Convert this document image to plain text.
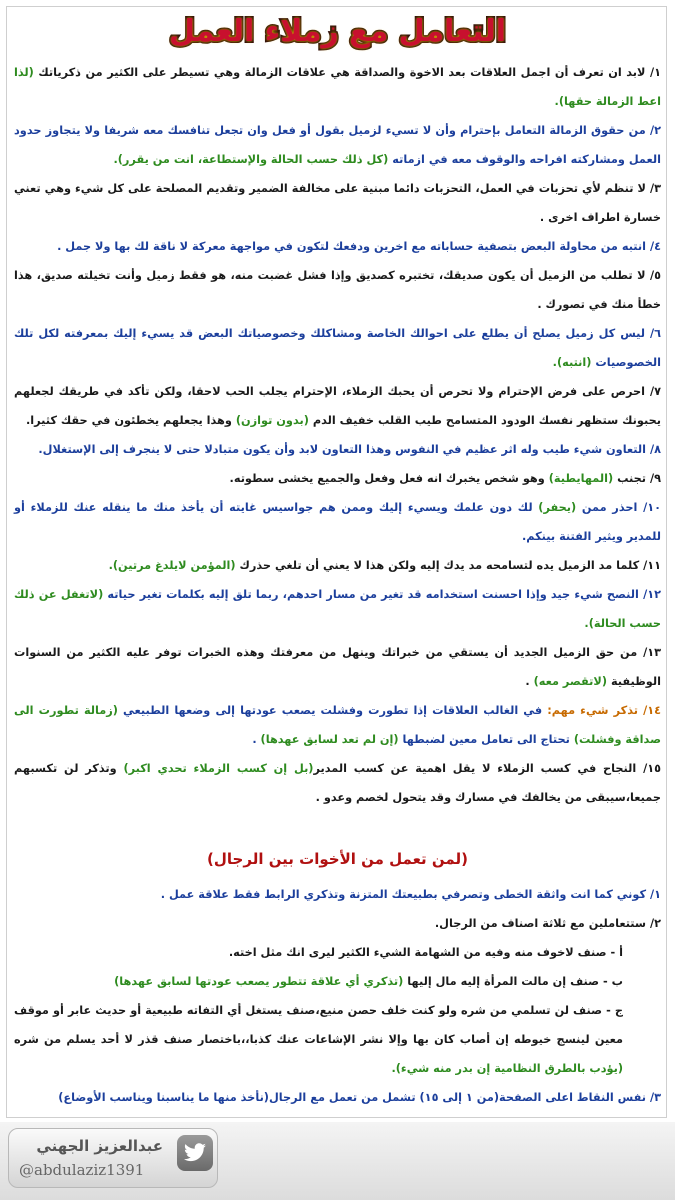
التعامل مع زملاء العمل
١/ لابد ان تعرف أن اجمل العلاقات بعد الاخوة والصداقة هي علاقات الزمالة وهي تسيطر على الكثير من ذكرياتك (لذا اعط الزمالة حقها).
٢/ من حقوق الزمالة التعامل بإحترام وأن لا تسيء لزميل بقول أو فعل وان تجعل تنافسك معه شريفا ولا يتجاوز حدود العمل ومشاركته افراحه والوقوف معه في ازماته (كل ذلك حسب الحالة والإستطاعة، انت من يقرر).
٣/ لا تنظم لأي تحزبات في العمل، التحزبات دائما مبنية على مخالفة الضمير وتقديم المصلحة على كل شيء وهي تعني خسارة اطراف اخرى .
٤/ انتبه من محاولة البعض بتصفية حساباته مع اخرين ودفعك لتكون في مواجهة معركة لا ناقة لك بها ولا جمل .
٥/ لا تطلب من الزميل أن يكون صديقك، تختبره كصديق وإذا فشل غضبت منه، هو فقط زميل وأنت تخيلته صديق، هذا خطأ منك في تصورك .
٦/ ليس كل زميل يصلح أن يطلع على احوالك الخاصة ومشاكلك وخصوصياتك البعض قد يسيء إليك بمعرفته لكل تلك الخصوصيات (انتبه).
٧/ احرص على فرض الإحترام ولا تحرص أن يحبك الزملاء، الإحترام يجلب الحب لاحقا، ولكن تأكد في طريقك لجعلهم يحبونك ستظهر نفسك الودود المتسامح طيب القلب خفيف الدم (بدون توازن) وهذا يجعلهم يخطئون في حقك كثيرا.
٨/ التعاون شيء طيب وله اثر عظيم في النفوس وهذا التعاون لابد وأن يكون متبادلا حتى لا ينجرف إلى الإستغلال.
٩/ تجنب (المهايطية) وهو شخص يخبرك انه فعل وفعل والجميع يخشى سطوته.
١٠/ احذر ممن (يحفر) لك دون علمك ويسيء إليك وممن هم جواسيس غايته أن يأخذ منك ما ينقله عنك للزملاء أو للمدير ويثير الفتنة بينكم.
١١/ كلما مد الزميل يده لتسامحه مد يدك إليه ولكن هذا لا يعني أن تلغي حذرك (المؤمن لايلدغ مرتين).
١٢/ النصح شيء جيد وإذا احسنت استخدامه قد تغير من مسار احدهم، ربما تلق إليه بكلمات تغير حياته (لاتغفل عن ذلك حسب الحالة).
١٣/ من حق الزميل الجديد أن يستقي من خبراتك وينهل من معرفتك وهذه الخبرات توفر عليه الكثير من السنوات الوظيفية (لاتقصر معه) .
١٤/ تذكر شيء مهم: في الغالب العلاقات إذا تطورت وفشلت يصعب عودتها إلى وضعها الطبيعي (زمالة تطورت الى صداقة وفشلت) تحتاج الى تعامل معين لضبطها (إن لم تعد لسابق عهدها) .
١٥/ النجاح في كسب الزملاء لا يقل اهمية عن كسب المدير(بل إن كسب الزملاء تحدي اكبر) وتذكر لن تكسبهم جميعا،سيبقى من يخالفك في مسارك وقد يتحول لخصم وعدو .
(لمن تعمل من الأخوات بين الرجال)
١/ كوني كما انت واثقة الخطى وتصرفي بطبيعتك المتزنة وتذكري الرابط فقط علاقة عمل .
٢/ ستتعاملين مع ثلاثة اصناف من الرجال.
أ - صنف لاخوف منه وفيه من الشهامة الشيء الكثير ليرى انك مثل اخته.
ب - صنف إن مالت المرأة إليه مال إليها (تذكري أي علاقة تتطور يصعب عودتها لسابق عهدها)
ج - صنف لن تسلمي من شره ولو كنت خلف حصن منيع،صنف يستغل أي التفاته طبيعية أو حديث عابر أو موقف معين لينسج خيوطه إن أصاب كان بها وإلا نشر الإشاعات عنك كذبا،،باختصار صنف قذر لا أحد يسلم من شره (يؤدب بالطرق النظامية إن بدر منه شيء).
٣/ نفس النقاط اعلى الصفحة(من ١ إلى ١٥) تشمل من تعمل مع الرجال(نأخذ منها ما يناسبنا ويناسب الأوضاع)
عبدالعزيز الجهني
@abdulaziz1391
